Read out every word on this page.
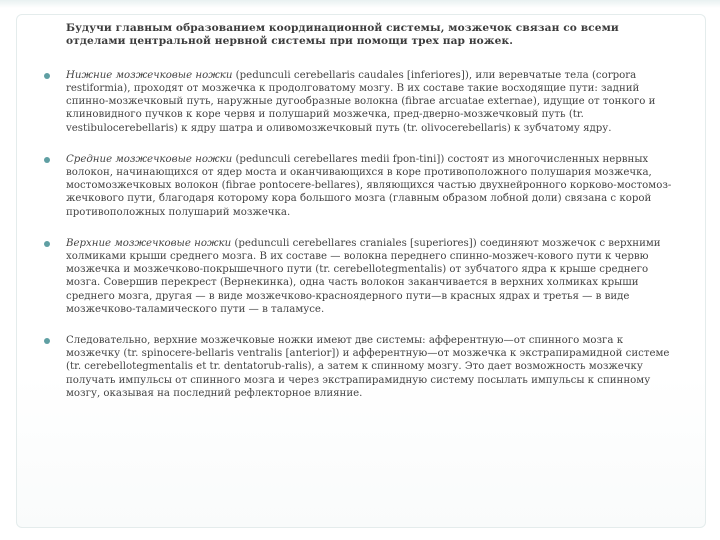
Будучи главным образованием координационной системы, мозжечок связан со всеми отделами центральной нервной системы при помощи трех пар ножек.

Нижние мозжечковые ножки (pedunculi cerebellaris caudales [inferiores]), или веревчатые тела (corpora restiformia), проходят от мозжечка к продолговатому мозгу. В их составе такие восходящие пути: задний спинно-мозжечковый путь, наружные дугообразные волокна (fibrae arcuatae externae), идущие от тонкого и клиновидного пучков к коре червя и полушарий мозжечка, пред-дверно-мозжечковый путь (tr. vestibulocerebellaris) к ядру шатра и оливомозжечковый путь (tr. olivocerebellaris) к зубчатому ядру.

Средние мозжечковые ножки (pedunculi cerebellares medii fpon-tini]) состоят из многочисленных нервных волокон, начинающихся от ядер моста и оканчивающихся в коре противоположного полушария мозжечка, мостомозжечковых волокон (fibrae pontocere-bellares), являющихся частью двухнейронного корково-мостомоз-жечкового пути, благодаря которому кора большого мозга (главным образом лобной доли) связана с корой противоположных полушарий мозжечка.

Верхние мозжечковые ножки (pedunculi cerebellares craniales [superiores]) соединяют мозжечок с верхними холмиками крыши среднего мозга. В их составе — волокна переднего спинно-мозжеч-кового пути к червю мозжечка и мозжечково-покрышечного пути (tr. cerebellotegmentalis) от зубчатого ядра к крыше среднего мозга. Совершив перекрест (Вернекинка), одна часть волокон заканчивается в верхних холмиках крыши среднего мозга, другая — в виде мозжечково-красноядерного пути—в красных ядрах и третья — в виде мозжечково-таламического пути — в таламусе.

Следовательно, верхние мозжечковые ножки имеют две системы: афферентную—от спинного мозга к мозжечку (tr. spinocere-bellaris ventralis [anterior]) и афферентную—от мозжечка к экстрапирамидной системе (tr. cerebellotegmentalis et tr. dentatorub-ralis), а затем к спинному мозгу. Это дает возможность мозжечку получать импульсы от спинного мозга и через экстрапирамидную систему посылать импульсы к спинному мозгу, оказывая на последний рефлекторное влияние.
